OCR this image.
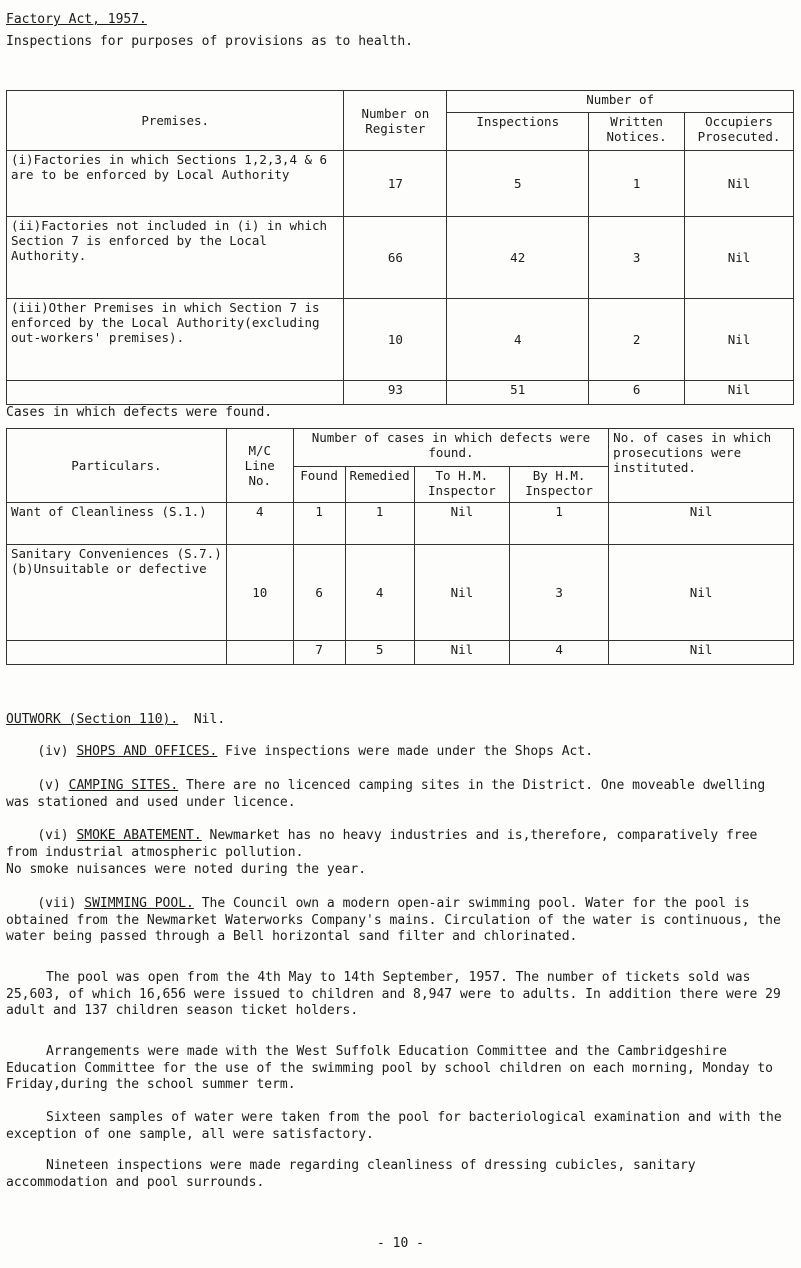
Factory Act, 1957.
Inspections for purposes of provisions as to health.
Premises.	Number on Register	Number of		
		Inspections	Written Notices.	Occupiers Prosecuted.
(i)Factories in which Sections 1,2,3,4 & 6 are to be enforced by Local Authority	17	5	1	Nil
(ii)Factories not included in (i) in which Section 7 is enforced by the Local Authority.	66	42	3	Nil
(iii)Other Premises in which Section 7 is enforced by the Local Authority(excluding out-workers' premises).	10	4	2	Nil
	93	51	6	Nil
Cases in which defects were found.
Particulars.	M/C Line No.	Number of cases in which defects were found.				No. of cases in which prosecutions were instituted.
		Found	Remedied	To H.M. Inspector	By H.M. Inspector	
Want of Cleanliness (S.1.)	4	1	1	Nil	1	Nil
Sanitary Conveniences (S.7.) (b)Unsuitable or defective	10	6	4	Nil	3	Nil
		7	5	Nil	4	Nil
OUTWORK (Section 110). Nil.

(iv) SHOPS AND OFFICES. Five inspections were made under the Shops Act.

(v) CAMPING SITES. There are no licenced camping sites in the District. One moveable dwelling was stationed and used under licence.

(vi) SMOKE ABATEMENT. Newmarket has no heavy industries and is,therefore, comparatively free from industrial atmospheric pollution.

No smoke nuisances were noted during the year.

(vii) SWIMMING POOL. The Council own a modern open-air swimming pool. Water for the pool is obtained from the Newmarket Waterworks Company's mains. Circulation of the water is continuous, the water being passed through a Bell horizontal sand filter and chlorinated.

The pool was open from the 4th May to 14th September, 1957. The number of tickets sold was 25,603, of which 16,656 were issued to children and 8,947 were to adults. In addition there were 29 adult and 137 children season ticket holders.

Arrangements were made with the West Suffolk Education Committee and the Cambridgeshire Education Committee for the use of the swimming pool by school children on each morning, Monday to Friday,during the school summer term.

Sixteen samples of water were taken from the pool for bacteriological examination and with the exception of one sample, all were satisfactory.

Nineteen inspections were made regarding cleanliness of dressing cubicles, sanitary accommodation and pool surrounds.

- 10 -
